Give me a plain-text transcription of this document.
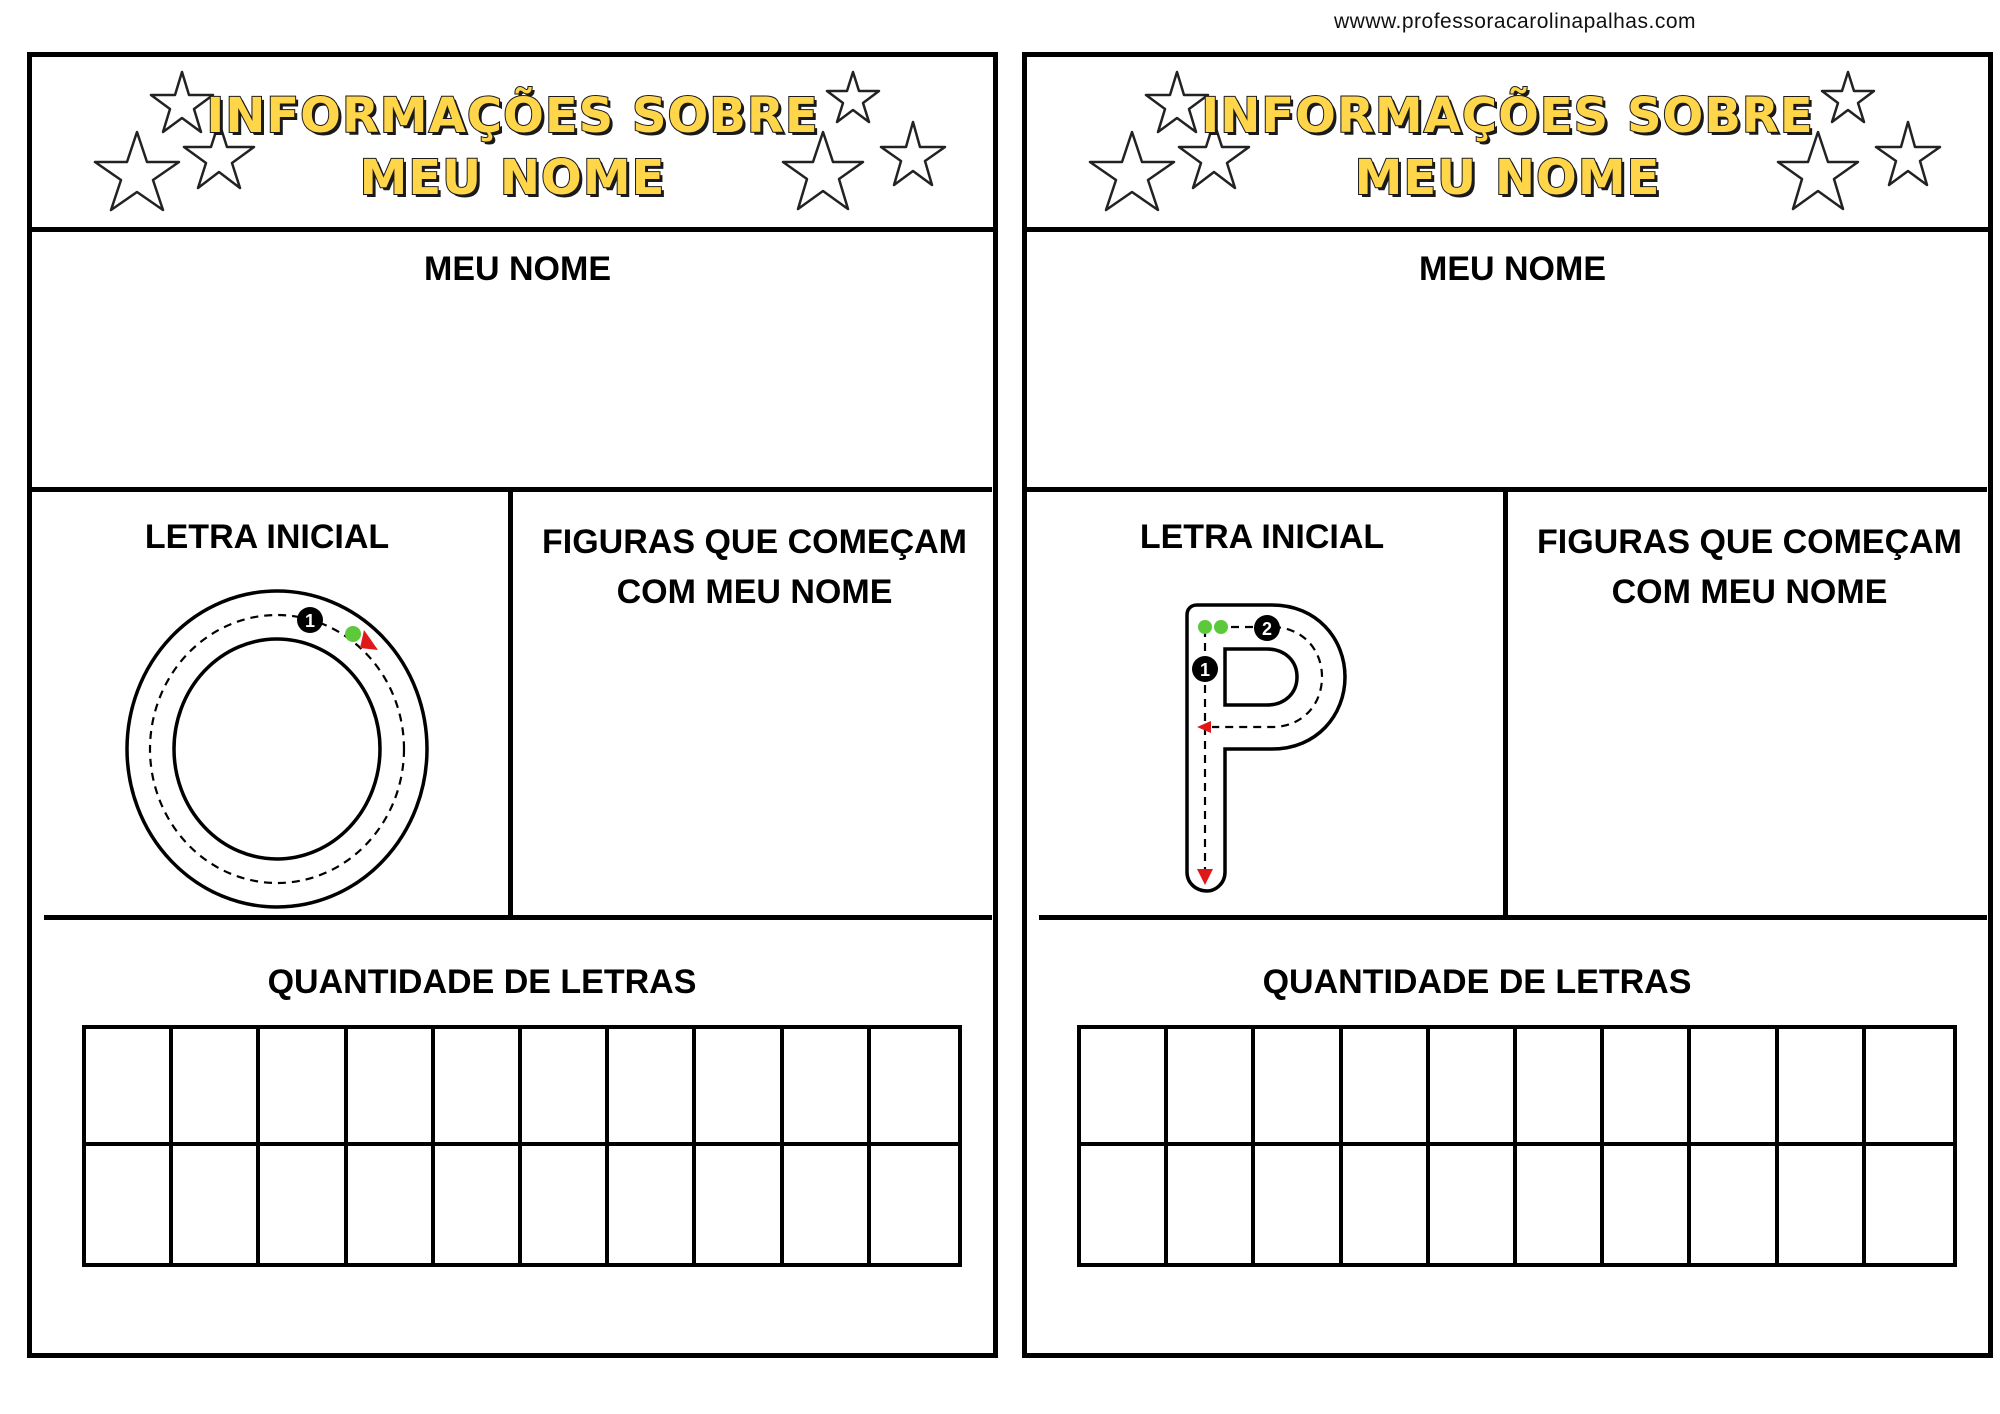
wwww.professoracarolinapalhas.com
INFORMAÇÕES SOBRE
MEU NOME
MEU NOME
LETRA INICIAL	FIGURAS QUE COMEÇAM
COM MEU NOME
1
QUANTIDADE DE LETRAS
INFORMAÇÕES SOBRE
MEU NOME
MEU NOME
LETRA INICIAL	FIGURAS QUE COMEÇAM
COM MEU NOME
1
2
QUANTIDADE DE LETRAS
